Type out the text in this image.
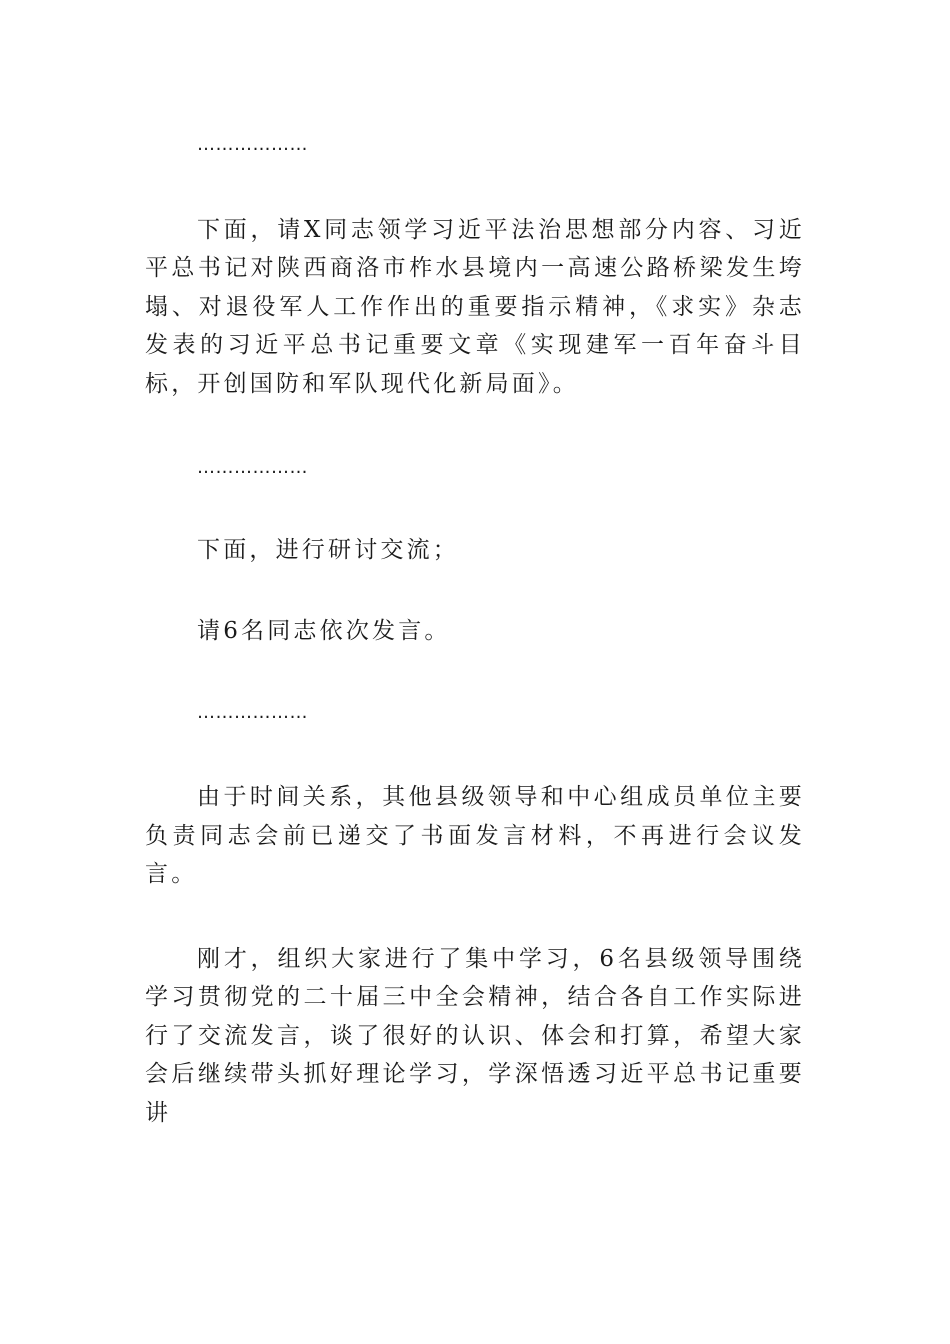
………………

下面，请X同志领学习近平法治思想部分内容、习近平总书记对陕西商洛市柞水县境内一高速公路桥梁发生垮塌、对退役军人工作作出的重要指示精神，《求实》杂志发表的习近平总书记重要文章《实现建军一百年奋斗目标，开创国防和军队现代化新局面》。

………………

下面，进行研讨交流；

请6名同志依次发言。

………………

由于时间关系，其他县级领导和中心组成员单位主要负责同志会前已递交了书面发言材料，不再进行会议发言。

刚才，组织大家进行了集中学习，6名县级领导围绕学习贯彻党的二十届三中全会精神，结合各自工作实际进行了交流发言，谈了很好的认识、体会和打算，希望大家会后继续带头抓好理论学习，学深悟透习近平总书记重要讲
